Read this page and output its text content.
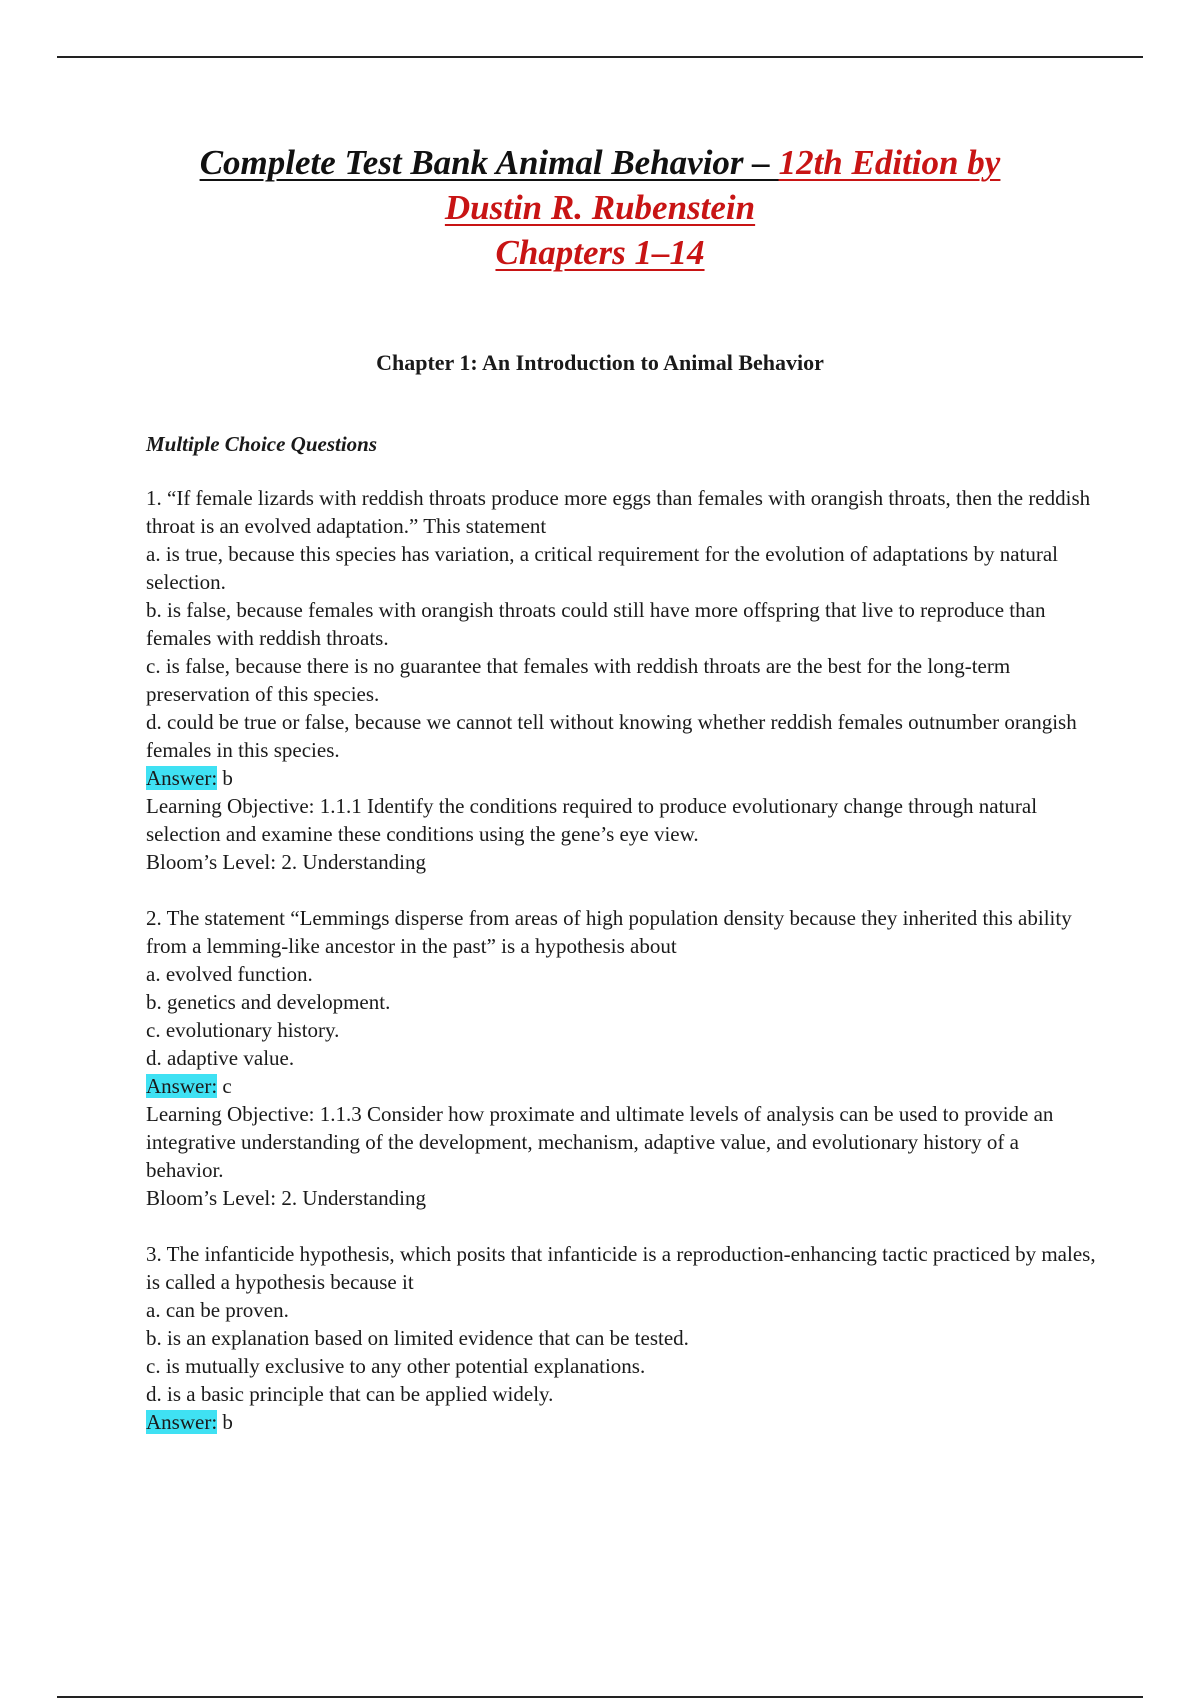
Complete Test Bank Animal Behavior – 12th Edition by
Dustin R. Rubenstein
Chapters 1–14
Chapter 1: An Introduction to Animal Behavior
Multiple Choice Questions
1. “If female lizards with reddish throats produce more eggs than females with orangish throats, then the reddish throat is an evolved adaptation.” This statement
a. is true, because this species has variation, a critical requirement for the evolution of adaptations by natural selection.
b. is false, because females with orangish throats could still have more offspring that live to reproduce than females with reddish throats.
c. is false, because there is no guarantee that females with reddish throats are the best for the long-term preservation of this species.
d. could be true or false, because we cannot tell without knowing whether reddish females outnumber orangish females in this species.
Answer: b
Learning Objective: 1.1.1 Identify the conditions required to produce evolutionary change through natural selection and examine these conditions using the gene’s eye view.
Bloom’s Level: 2. Understanding
2. The statement “Lemmings disperse from areas of high population density because they inherited this ability from a lemming-like ancestor in the past” is a hypothesis about
a. evolved function.
b. genetics and development.
c. evolutionary history.
d. adaptive value.
Answer: c
Learning Objective: 1.1.3 Consider how proximate and ultimate levels of analysis can be used to provide an integrative understanding of the development, mechanism, adaptive value, and evolutionary history of a behavior.
Bloom’s Level: 2. Understanding
3. The infanticide hypothesis, which posits that infanticide is a reproduction-enhancing tactic practiced by males, is called a hypothesis because it
a. can be proven.
b. is an explanation based on limited evidence that can be tested.
c. is mutually exclusive to any other potential explanations.
d. is a basic principle that can be applied widely.
Answer: b
